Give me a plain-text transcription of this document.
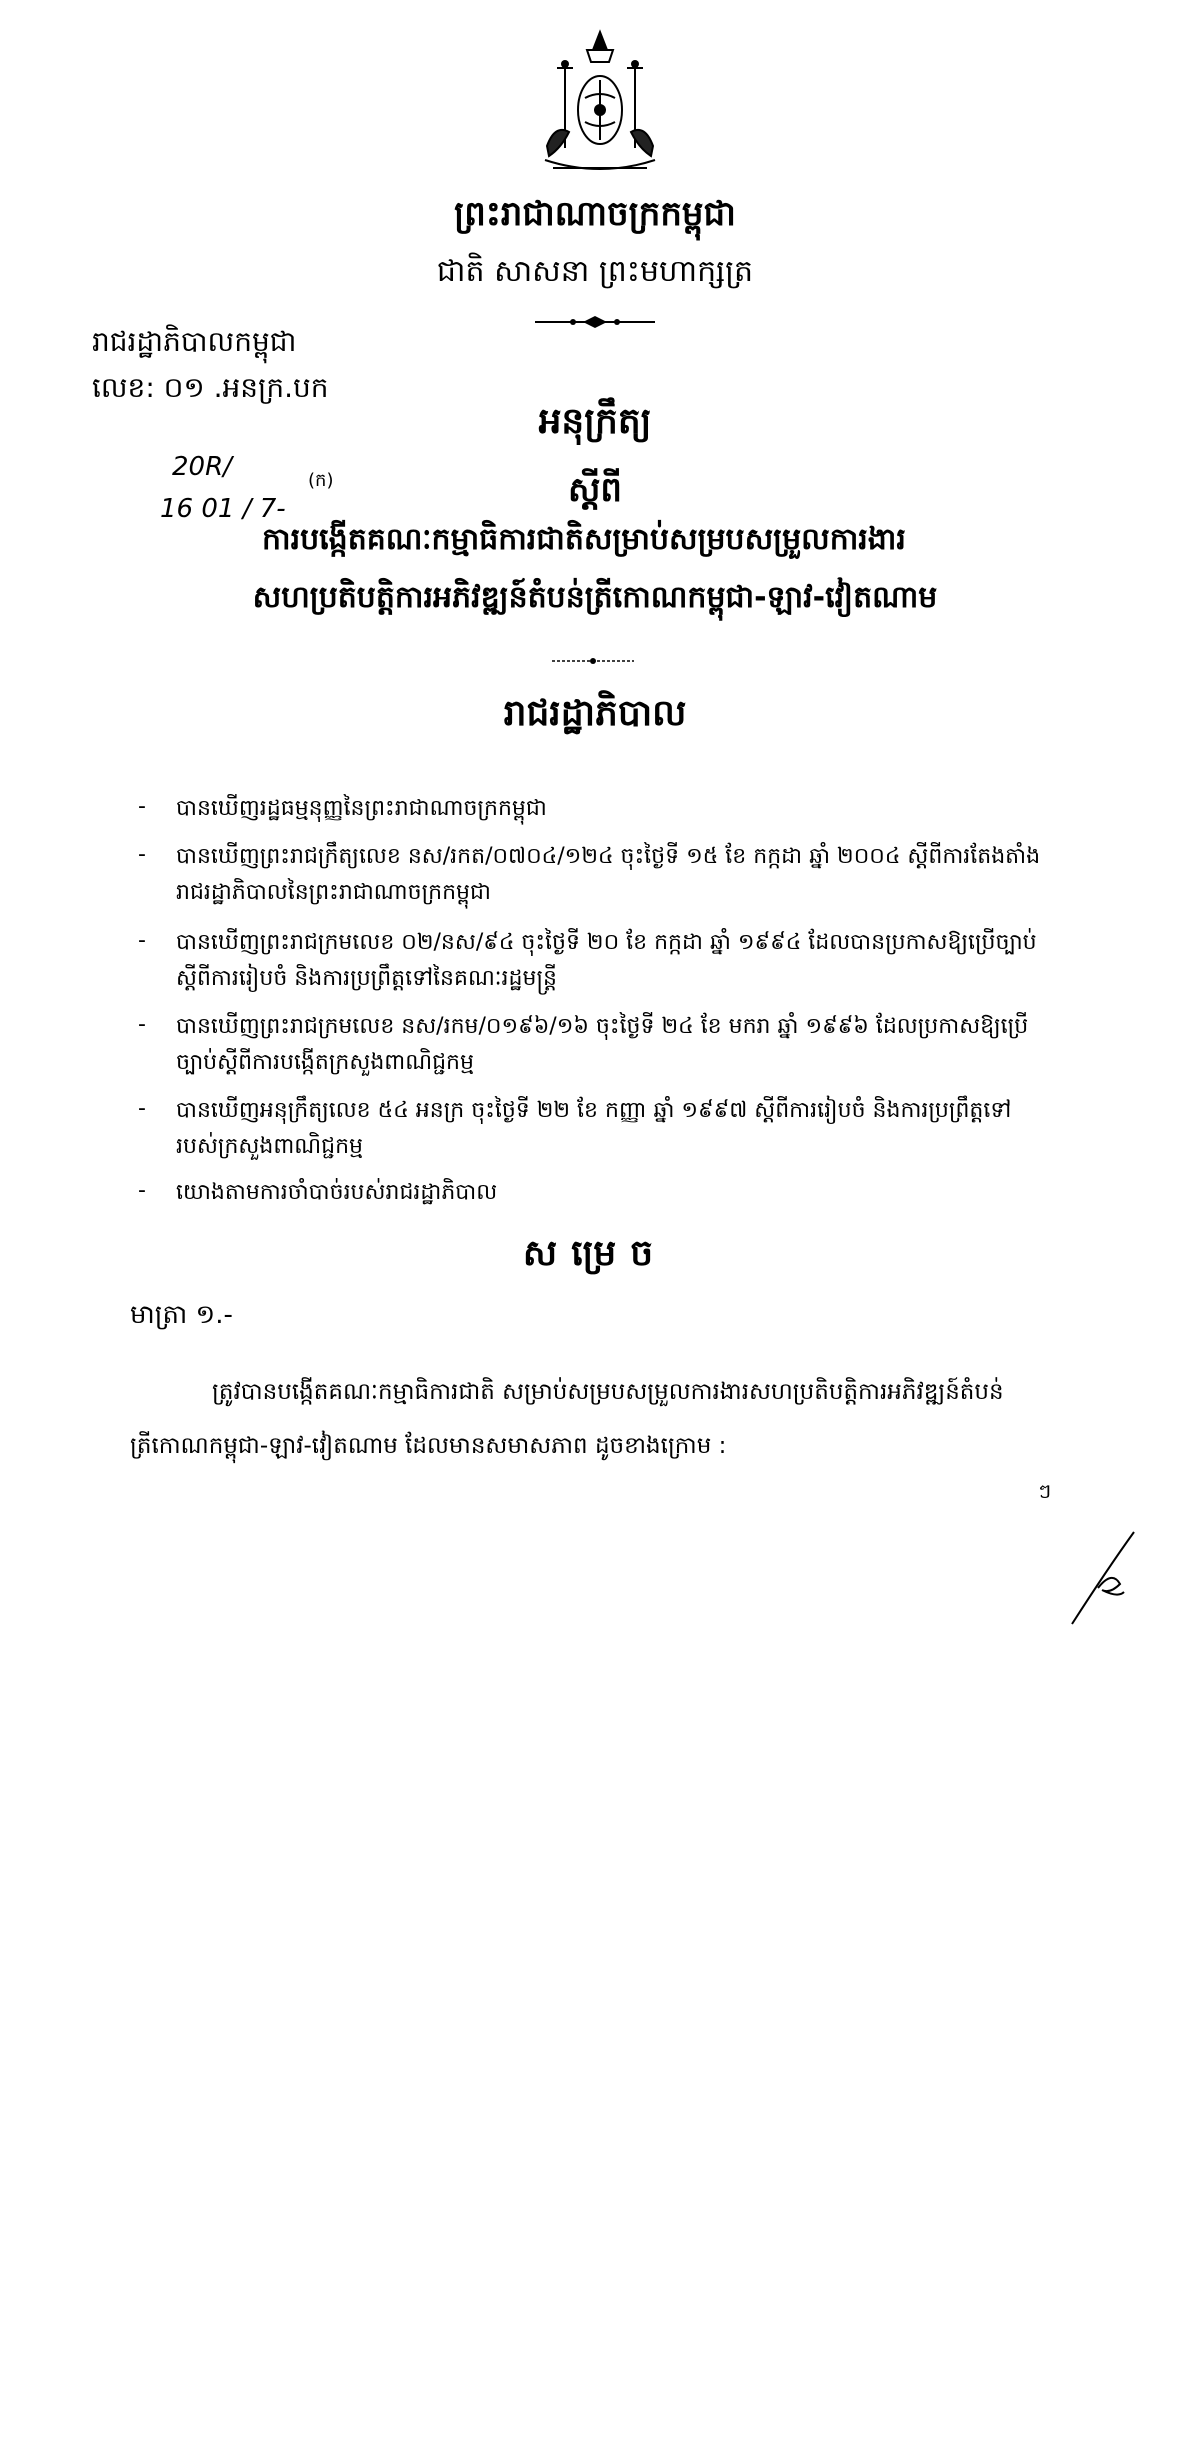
ព្រះរាជាណាចក្រកម្ពុជា
ជាតិ សាសនា ព្រះមហាក្សត្រ
រាជរដ្ឋាភិបាលកម្ពុជា
លេខ: ០១ .អនក្រ.បក
អនុក្រឹត្យ
20R/
16 01 / 7-
(ក)	ស្តីពី
ការបង្កើតគណៈកម្មាធិការជាតិសម្រាប់សម្របសម្រួលការងារ
សហប្រតិបត្តិការអភិវឌ្ឍន៍តំបន់ត្រីកោណកម្ពុជា-ឡាវ-វៀតណាម
រាជរដ្ឋាភិបាល
- បានឃើញរដ្ឋធម្មនុញ្ញនៃព្រះរាជាណាចក្រកម្ពុជា
- បានឃើញព្រះរាជក្រឹត្យលេខ នស/រកត/០៧០៤/១២៤ ចុះថ្ងៃទី ១៥ ខែ កក្កដា ឆ្នាំ ២០០៤ ស្តីពីការតែងតាំង
រាជរដ្ឋាភិបាលនៃព្រះរាជាណាចក្រកម្ពុជា
- បានឃើញព្រះរាជក្រមលេខ ០២/នស/៩៤ ចុះថ្ងៃទី ២០ ខែ កក្កដា ឆ្នាំ ១៩៩៤ ដែលបានប្រកាសឱ្យប្រើច្បាប់
ស្តីពីការរៀបចំ និងការប្រព្រឹត្តទៅនៃគណៈរដ្ឋមន្ត្រី
- បានឃើញព្រះរាជក្រមលេខ នស/រកម/០១៩៦/១៦ ចុះថ្ងៃទី ២៤ ខែ មករា ឆ្នាំ ១៩៩៦ ដែលប្រកាសឱ្យប្រើ
ច្បាប់ស្តីពីការបង្កើតក្រសួងពាណិជ្ជកម្ម
- បានឃើញអនុក្រឹត្យលេខ ៥៤ អនក្រ ចុះថ្ងៃទី ២២ ខែ កញ្ញា ឆ្នាំ ១៩៩៧ ស្តីពីការរៀបចំ និងការប្រព្រឹត្តទៅ
របស់ក្រសួងពាណិជ្ជកម្ម
- យោងតាមការចាំបាច់របស់រាជរដ្ឋាភិបាល
សម្រេច
មាត្រា ១.-
ត្រូវបានបង្កើតគណៈកម្មាធិការជាតិ សម្រាប់សម្របសម្រួលការងារសហប្រតិបត្តិការអភិវឌ្ឍន៍តំបន់
ត្រីកោណកម្ពុជា-ឡាវ-វៀតណាម ដែលមានសមាសភាព ដូចខាងក្រោម :
ៗ
